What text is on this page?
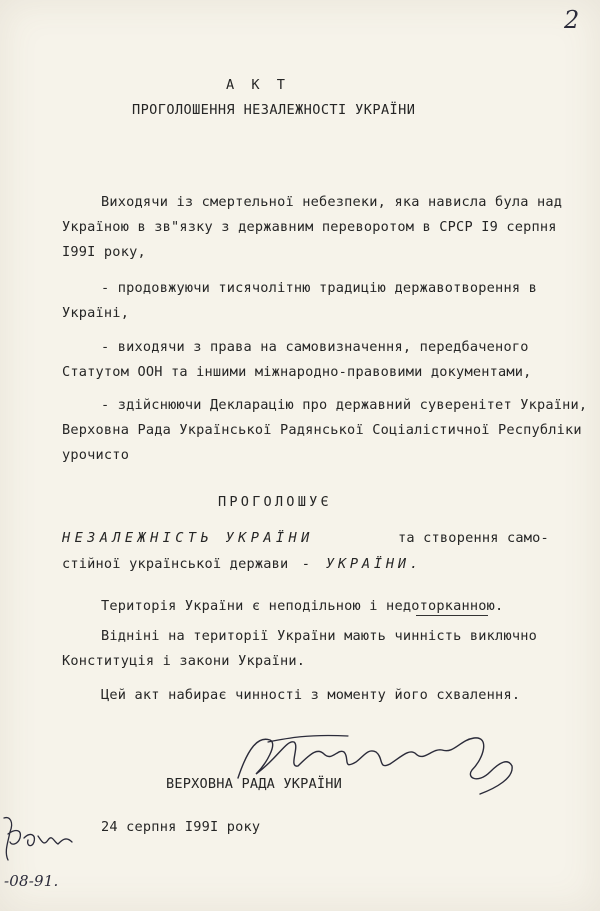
2
А К Т
ПРОГОЛОШЕННЯ НЕЗАЛЕЖНОСТІ УКРАЇНИ
Виходячи із смертельної небезпеки, яка нависла була над
Україною в зв"язку з державним переворотом в СРСР I9 серпня
I99I року,
- продовжуючи тисячолітню традицію державотворення в
Україні,
- виходячи з права на самовизначення, передбаченого
Статутом ООН та іншими міжнародно-правовими документами,
- здійснюючи Декларацію про державний суверенітет України,
Верховна Рада Української Радянської Соціалістичної Республіки
урочисто
ПРОГОЛОШУЄ
НЕЗАЛЕЖНІСТЬ УКРАЇНИ	та створення само-
стійної української держави - УКРАЇНИ.
Територія України є неподільною і недоторканною.
Відніні на території України мають чинність виключно
Конституція і закони України.
Цей акт набирає чинності з моменту його схвалення.
ВЕРХОВНА РАДА УКРАЇНИ
24 серпня I99I року
-08-91.
